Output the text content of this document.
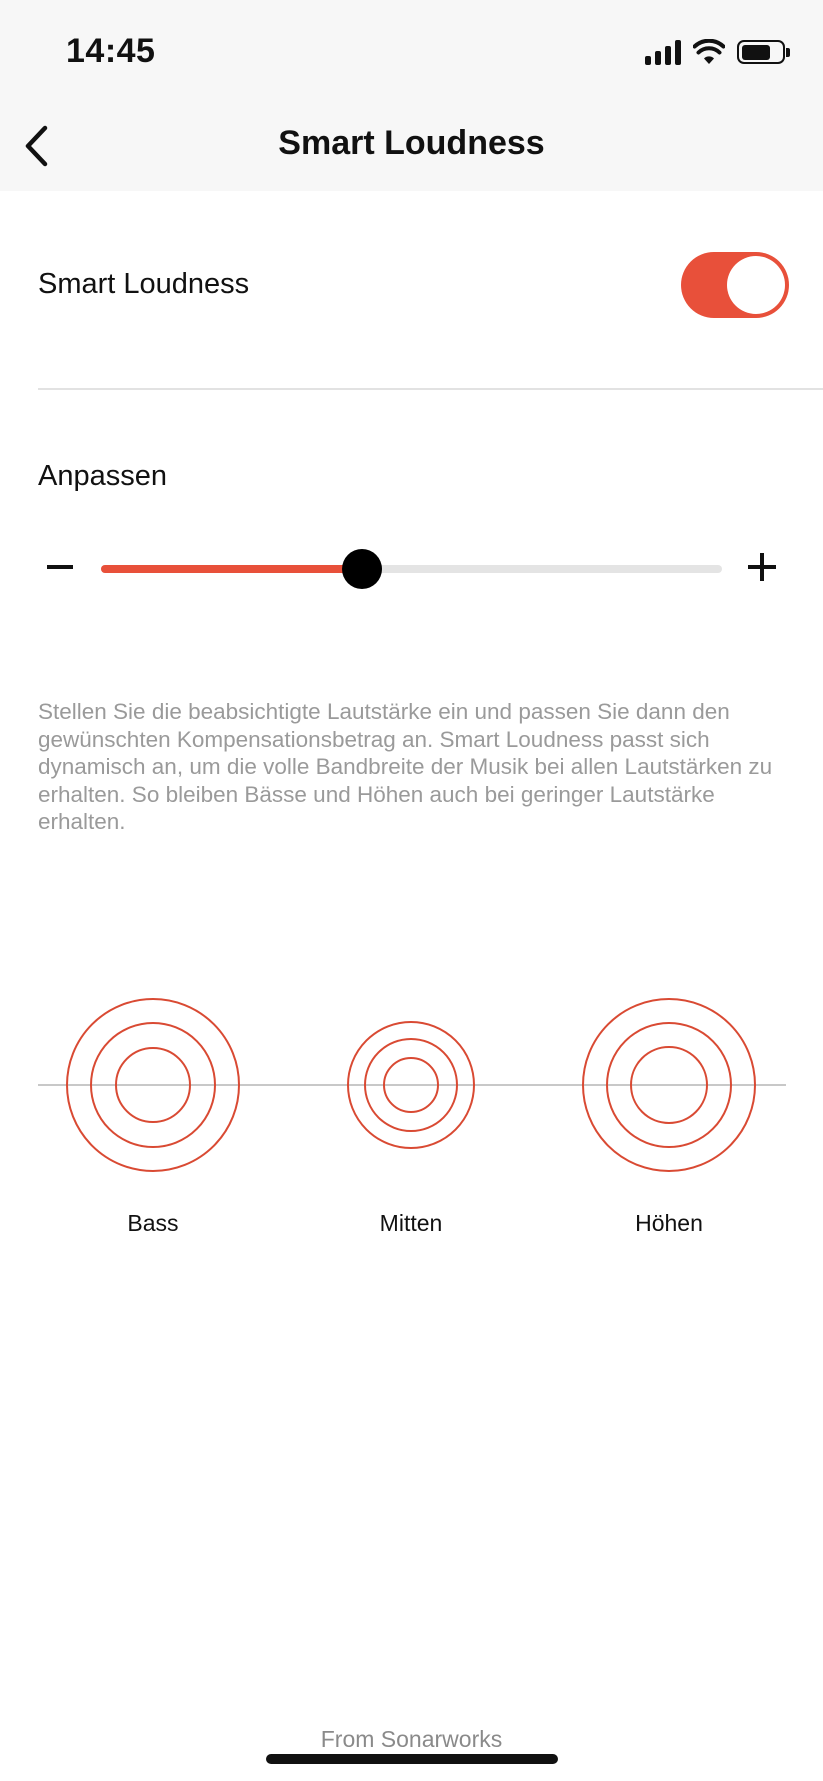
14:45
Smart Loudness
Smart Loudness
Anpassen
Stellen Sie die beabsichtigte Lautstärke ein und passen Sie dann den gewünschten Kompensationsbetrag an. Smart Loudness passt sich dynamisch an, um die volle Bandbreite der Musik bei allen Lautstärken zu erhalten. So bleiben Bässe und Höhen auch bei geringer Lautstärke erhalten.
Bass	Mitten	Höhen
From Sonarworks
